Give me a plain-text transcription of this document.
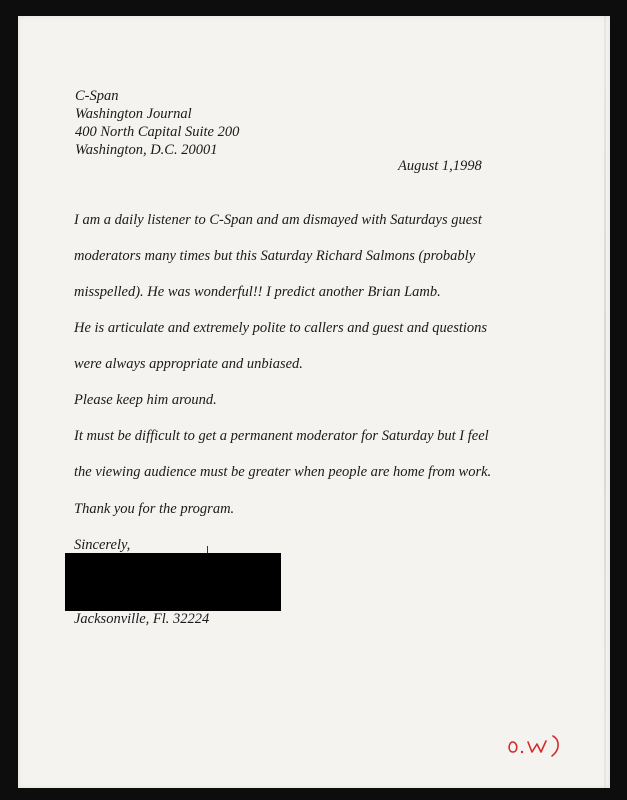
C-Span
Washington Journal
400 North Capital Suite 200
Washington, D.C. 20001
August 1,1998
I am a daily listener to C-Span and am dismayed with Saturdays guest
moderators many times but this Saturday Richard Salmons (probably
misspelled). He was wonderful!! I predict another Brian Lamb.
He is articulate and extremely polite to callers and guest and questions
were always appropriate and unbiased.
Please keep him around.
It must be difficult to get a permanent moderator for Saturday but I feel
the viewing audience must be greater when people are home from work.
Thank you for the program.
Sincerely,
Jacksonville, Fl. 32224
